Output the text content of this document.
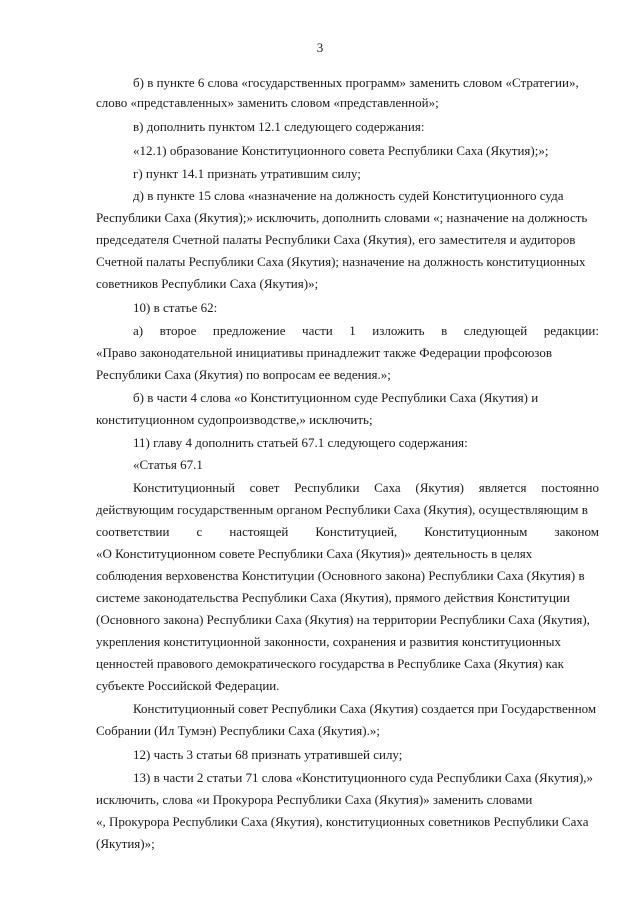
3
б) в пункте 6 слова «государственных программ» заменить словом «Стратегии»,
слово «представленных» заменить словом «представленной»;
в) дополнить пунктом 12.1 следующего содержания:
«12.1) образование Конституционного совета Республики Саха (Якутия);»;
г) пункт 14.1 признать утратившим силу;
д) в пункте 15 слова «назначение на должность судей Конституционного суда
Республики Саха (Якутия);» исключить, дополнить словами «; назначение на должность
председателя Счетной палаты Республики Саха (Якутия), его заместителя и аудиторов
Счетной палаты Республики Саха (Якутия); назначение на должность конституционных
советников Республики Саха (Якутия)»;
10) в статье 62:
а) второе предложение части 1 изложить в следующей редакции:
«Право законодательной инициативы принадлежит также Федерации профсоюзов
Республики Саха (Якутия) по вопросам ее ведения.»;
б) в части 4 слова «о Конституционном суде Республики Саха (Якутия) и
конституционном судопроизводстве,» исключить;
11) главу 4 дополнить статьей 67.1 следующего содержания:
«Статья 67.1
Конституционный совет Республики Саха (Якутия) является постоянно
действующим государственным органом Республики Саха (Якутия), осуществляющим в
соответствии с настоящей Конституцией, Конституционным законом
«О Конституционном совете Республики Саха (Якутия)» деятельность в целях
соблюдения верховенства Конституции (Основного закона) Республики Саха (Якутия) в
системе законодательства Республики Саха (Якутия), прямого действия Конституции
(Основного закона) Республики Саха (Якутия) на территории Республики Саха (Якутия),
укрепления конституционной законности, сохранения и развития конституционных
ценностей правового демократического государства в Республике Саха (Якутия) как
субъекте Российской Федерации.
Конституционный совет Республики Саха (Якутия) создается при Государственном
Собрании (Ил Тумэн) Республики Саха (Якутия).»;
12) часть 3 статьи 68 признать утратившей силу;
13) в части 2 статьи 71 слова «Конституционного суда Республики Саха (Якутия),»
исключить, слова «и Прокурора Республики Саха (Якутия)» заменить словами
«, Прокурора Республики Саха (Якутия), конституционных советников Республики Саха
(Якутия)»;
